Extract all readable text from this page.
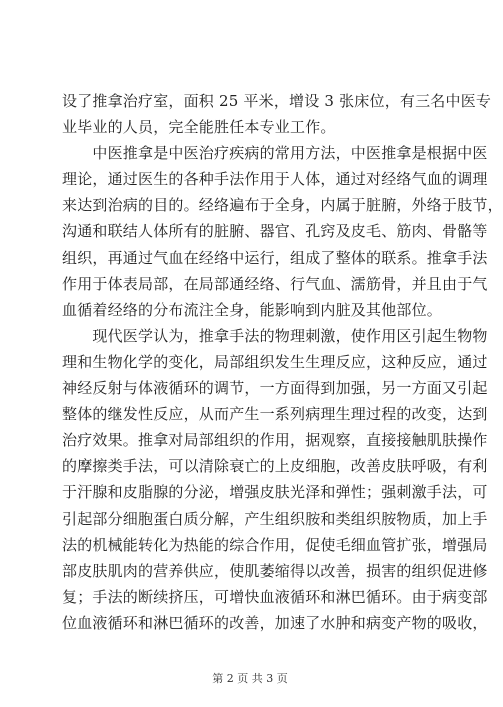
设了推拿治疗室，面积 25 平米，增设 3 张床位，有三名中医专
业毕业的人员，完全能胜任本专业工作。

　　中医推拿是中医治疗疾病的常用方法，中医推拿是根据中医
理论，通过医生的各种手法作用于人体，通过对经络气血的调理
来达到治病的目的。经络遍布于全身，内属于脏腑，外络于肢节，
沟通和联结人体所有的脏腑、器官、孔窍及皮毛、筋肉、骨骼等
组织，再通过气血在经络中运行，组成了整体的联系。推拿手法
作用于体表局部，在局部通经络、行气血、濡筋骨，并且由于气
血循着经络的分布流注全身，能影响到内脏及其他部位。

　　现代医学认为，推拿手法的物理刺激，使作用区引起生物物
理和生物化学的变化，局部组织发生生理反应，这种反应，通过
神经反射与体液循环的调节，一方面得到加强，另一方面又引起
整体的继发性反应，从而产生一系列病理生理过程的改变，达到
治疗效果。推拿对局部组织的作用，据观察，直接接触肌肤操作
的摩擦类手法，可以清除衰亡的上皮细胞，改善皮肤呼吸，有利
于汗腺和皮脂腺的分泌，增强皮肤光泽和弹性；强刺激手法，可
引起部分细胞蛋白质分解，产生组织胺和类组织胺物质，加上手
法的机械能转化为热能的综合作用，促使毛细血管扩张，增强局
部皮肤肌肉的营养供应，使肌萎缩得以改善，损害的组织促进修
复；手法的断续挤压，可增快血液循环和淋巴循环。由于病变部
位血液循环和淋巴循环的改善，加速了水肿和病变产物的吸收，

第 2 页 共 3 页
